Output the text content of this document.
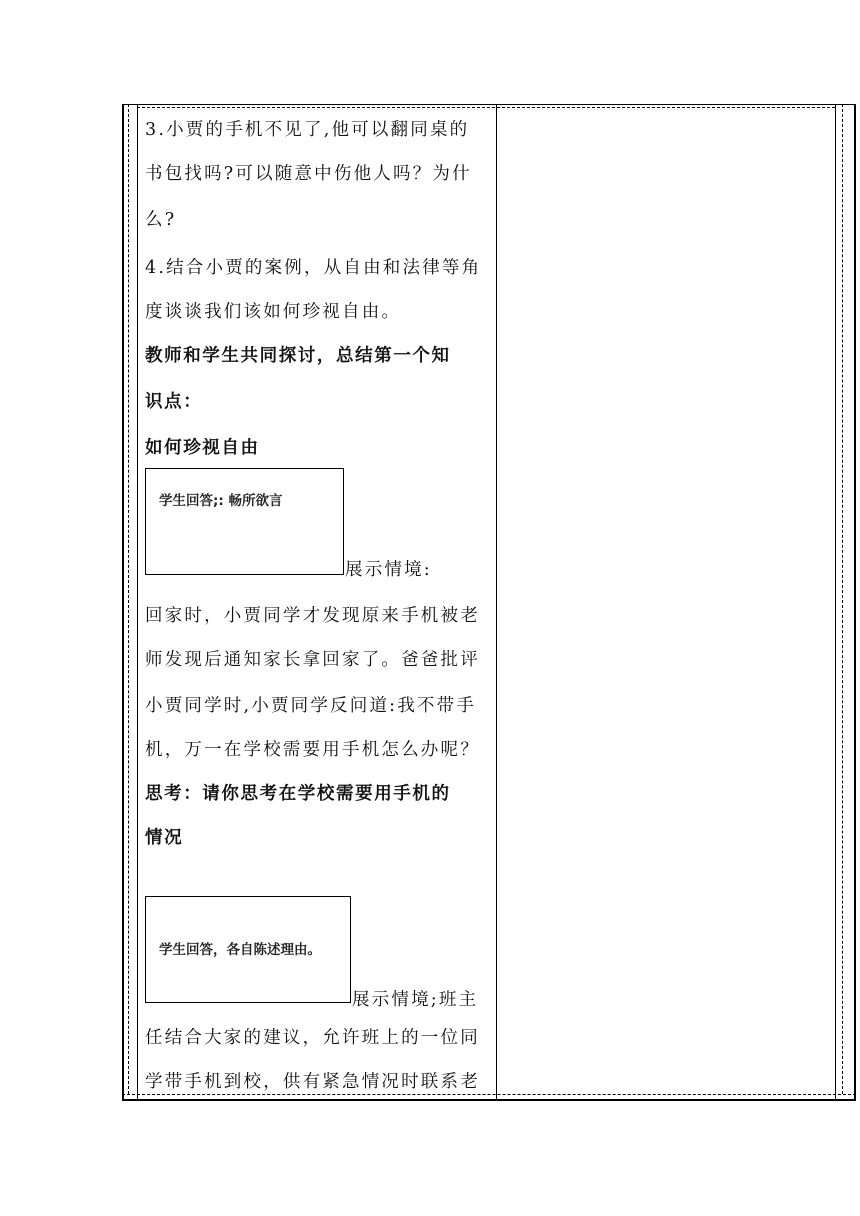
3.小贾的手机不见了,他可以翻同桌的
书包找吗?可以随意中伤他人吗？为什
么?
4.结合小贾的案例，从自由和法律等角
度谈谈我们该如何珍视自由。
教师和学生共同探讨，总结第一个知
识点：
如何珍视自由
回家时，小贾同学才发现原来手机被老
师发现后通知家长拿回家了。爸爸批评
小贾同学时,小贾同学反问道:我不带手
机，万一在学校需要用手机怎么办呢？
思考：请你思考在学校需要用手机的
情况
任结合大家的建议，允许班上的一位同
学带手机到校，供有紧急情况时联系老
学生回答;: 畅所欲言
展示情境:
学生回答，各自陈述理由。
展示情境;班主
